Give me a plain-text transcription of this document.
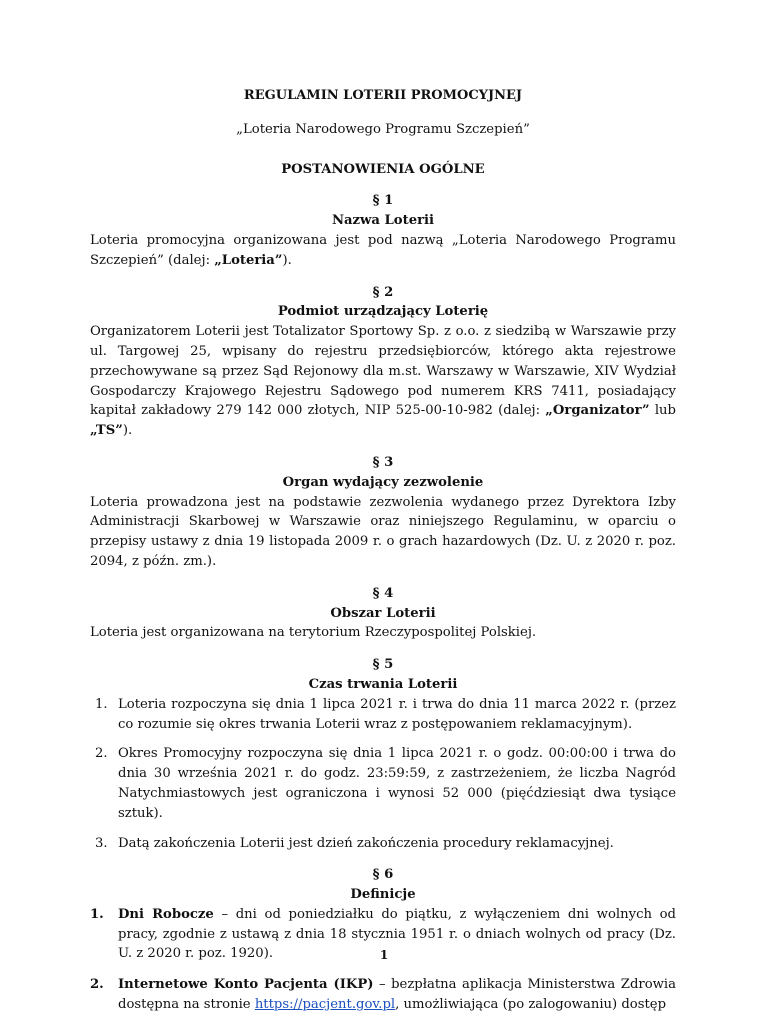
REGULAMIN LOTERII PROMOCYJNEJ
„Loteria Narodowego Programu Szczepień”
POSTANOWIENIA OGÓLNE
§ 1
Nazwa Loterii

Loteria promocyjna organizowana jest pod nazwą „Loteria Narodowego Programu Szczepień” (dalej: „Loteria”).

§ 2
Podmiot urządzający Loterię

Organizatorem Loterii jest Totalizator Sportowy Sp. z o.o. z siedzibą w Warszawie przy ul. Targowej 25, wpisany do rejestru przedsiębiorców, którego akta rejestrowe przechowywane są przez Sąd Rejonowy dla m.st. Warszawy w Warszawie, XIV Wydział Gospodarczy Krajowego Rejestru Sądowego pod numerem KRS 7411, posiadający kapitał zakładowy 279 142 000 złotych, NIP 525-00-10-982 (dalej: „Organizator” lub „TS”).

§ 3
Organ wydający zezwolenie

Loteria prowadzona jest na podstawie zezwolenia wydanego przez Dyrektora Izby Administracji Skarbowej w Warszawie oraz niniejszego Regulaminu, w oparciu o przepisy ustawy z dnia 19 listopada 2009 r. o grach hazardowych (Dz. U. z 2020 r. poz. 2094, z późn. zm.).

§ 4
Obszar Loterii

Loteria jest organizowana na terytorium Rzeczypospolitej Polskiej.

§ 5
Czas trwania Loterii
1. Loteria rozpoczyna się dnia 1 lipca 2021 r. i trwa do dnia 11 marca 2022 r. (przez co rozumie się okres trwania Loterii wraz z postępowaniem reklamacyjnym).
2. Okres Promocyjny rozpoczyna się dnia 1 lipca 2021 r. o godz. 00:00:00 i trwa do dnia 30 września 2021 r. do godz. 23:59:59, z zastrzeżeniem, że liczba Nagród Natychmiastowych jest ograniczona i wynosi 52 000 (pięćdziesiąt dwa tysiące sztuk).
3. Datą zakończenia Loterii jest dzień zakończenia procedury reklamacyjnej.
§ 6
Definicje
1. Dni Robocze – dni od poniedziałku do piątku, z wyłączeniem dni wolnych od pracy, zgodnie z ustawą z dnia 18 stycznia 1951 r. o dniach wolnych od pracy (Dz. U. z 2020 r. poz. 1920).
2. Internetowe Konto Pacjenta (IKP) – bezpłatna aplikacja Ministerstwa Zdrowia dostępna na stronie https://pacjent.gov.pl, umożliwiająca (po zalogowaniu) dostęp
1
